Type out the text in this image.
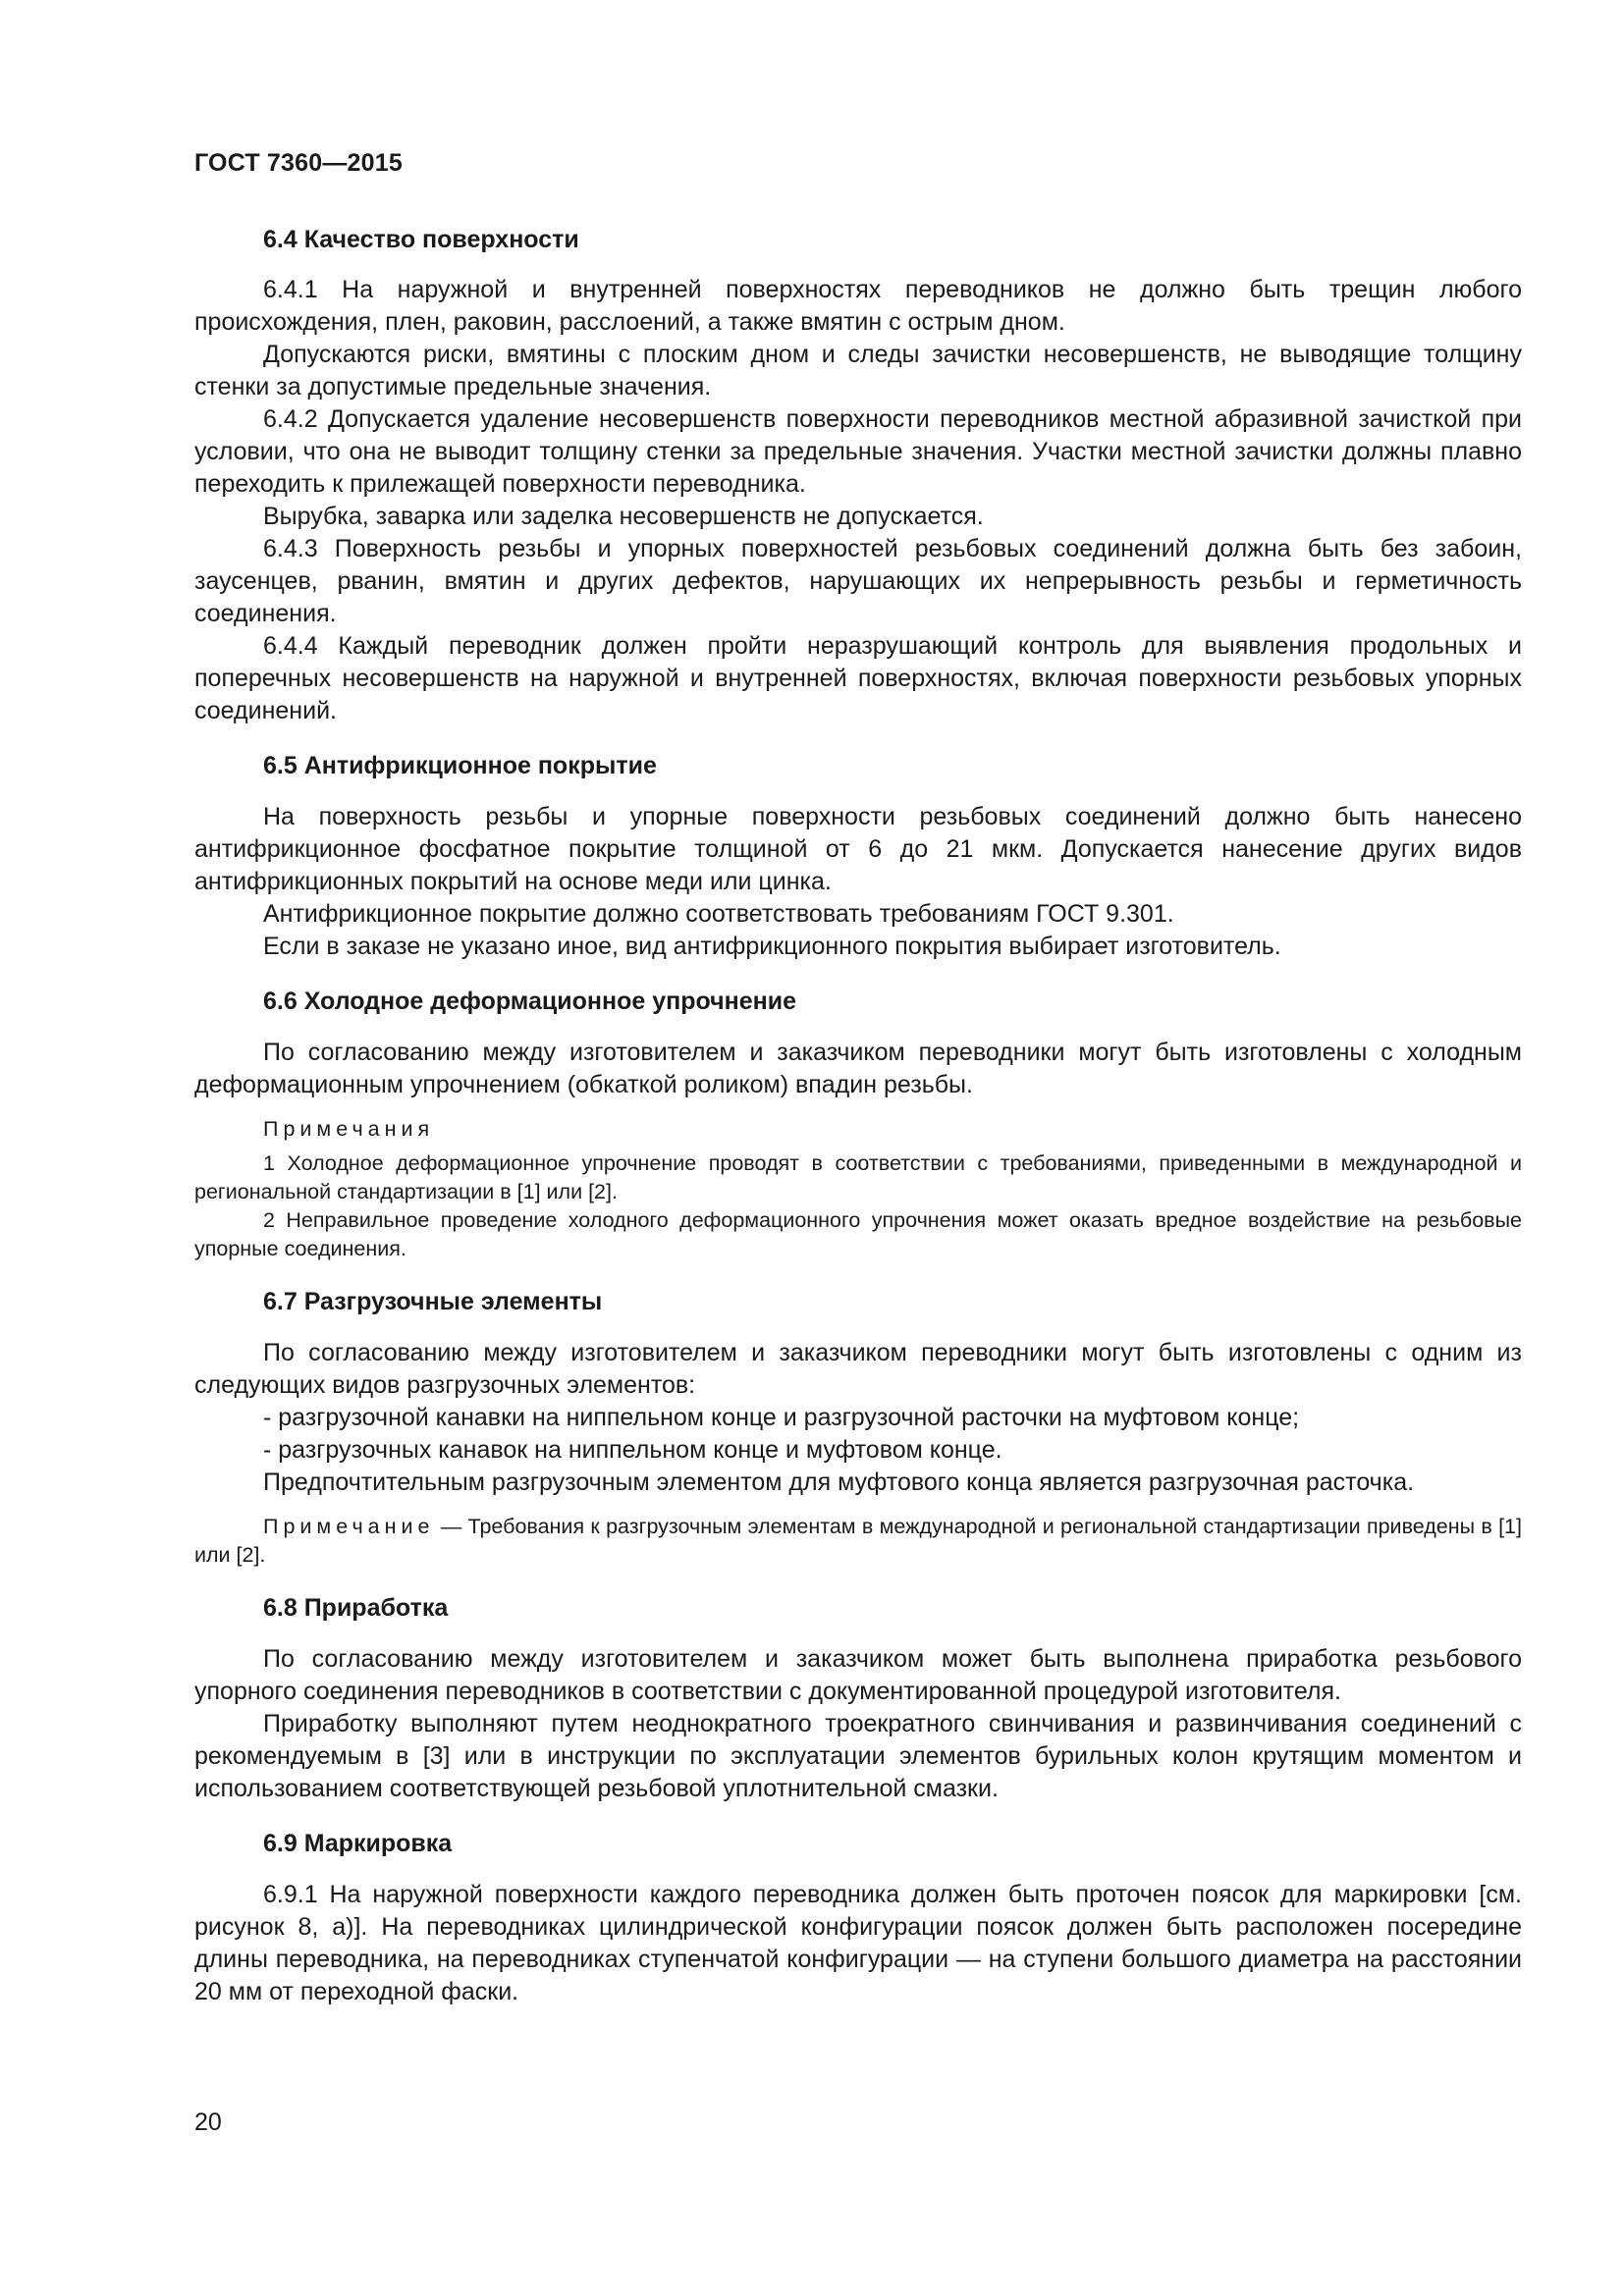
ГОСТ 7360—2015
6.4 Качество поверхности

6.4.1 На наружной и внутренней поверхностях переводников не должно быть трещин любого происхождения, плен, раковин, расслоений, а также вмятин с острым дном.

Допускаются риски, вмятины с плоским дном и следы зачистки несовершенств, не выводящие толщину стенки за допустимые предельные значения.

6.4.2 Допускается удаление несовершенств поверхности переводников местной абразивной зачисткой при условии, что она не выводит толщину стенки за предельные значения. Участки местной зачистки должны плавно переходить к прилежащей поверхности переводника.

Вырубка, заварка или заделка несовершенств не допускается.

6.4.3 Поверхность резьбы и упорных поверхностей резьбовых соединений должна быть без забоин, заусенцев, рванин, вмятин и других дефектов, нарушающих их непрерывность резьбы и герметичность соединения.

6.4.4 Каждый переводник должен пройти неразрушающий контроль для выявления продольных и поперечных несовершенств на наружной и внутренней поверхностях, включая поверхности резьбовых упорных соединений.

6.5 Антифрикционное покрытие

На поверхность резьбы и упорные поверхности резьбовых соединений должно быть нанесено антифрикционное фосфатное покрытие толщиной от 6 до 21 мкм. Допускается нанесение других видов антифрикционных покрытий на основе меди или цинка.

Антифрикционное покрытие должно соответствовать требованиям ГОСТ 9.301.

Если в заказе не указано иное, вид антифрикционного покрытия выбирает изготовитель.

6.6 Холодное деформационное упрочнение

По согласованию между изготовителем и заказчиком переводники могут быть изготовлены с холодным деформационным упрочнением (обкаткой роликом) впадин резьбы.

Примечания

1 Холодное деформационное упрочнение проводят в соответствии с требованиями, приведенными в международной и региональной стандартизации в [1] или [2].

2 Неправильное проведение холодного деформационного упрочнения может оказать вредное воздействие на резьбовые упорные соединения.

6.7 Разгрузочные элементы

По согласованию между изготовителем и заказчиком переводники могут быть изготовлены с одним из следующих видов разгрузочных элементов:

- разгрузочной канавки на ниппельном конце и разгрузочной расточки на муфтовом конце;

- разгрузочных канавок на ниппельном конце и муфтовом конце.

Предпочтительным разгрузочным элементом для муфтового конца является разгрузочная расточка.

Примечание — Требования к разгрузочным элементам в международной и региональной стандартизации приведены в [1] или [2].

6.8 Приработка

По согласованию между изготовителем и заказчиком может быть выполнена приработка резьбового упорного соединения переводников в соответствии с документированной процедурой изготовителя.

Приработку выполняют путем неоднократного троекратного свинчивания и развинчивания соединений с рекомендуемым в [3] или в инструкции по эксплуатации элементов бурильных колон крутящим моментом и использованием соответствующей резьбовой уплотнительной смазки.

6.9 Маркировка

6.9.1 На наружной поверхности каждого переводника должен быть проточен поясок для маркировки [см. рисунок 8, а)]. На переводниках цилиндрической конфигурации поясок должен быть расположен посередине длины переводника, на переводниках ступенчатой конфигурации — на ступени большого диаметра на расстоянии 20 мм от переходной фаски.

20
